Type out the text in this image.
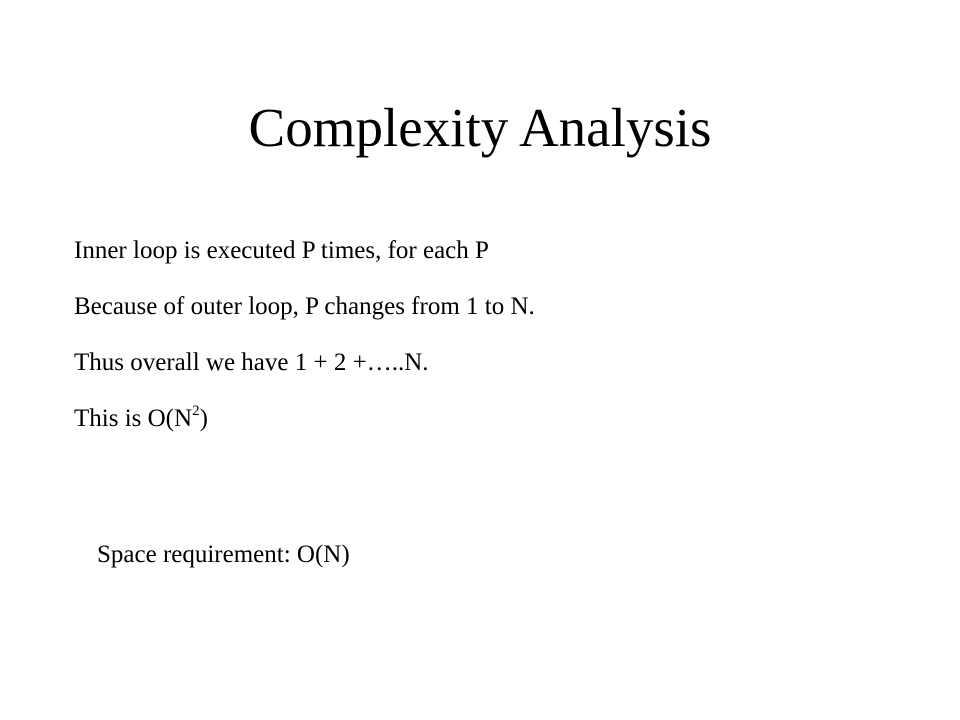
Complexity Analysis
Inner loop is executed P times, for each P
Because of outer loop, P changes from 1 to N.
Thus overall we have 1 + 2 +…..N.
This is $O(N^2)$
Space requirement: O(N)
